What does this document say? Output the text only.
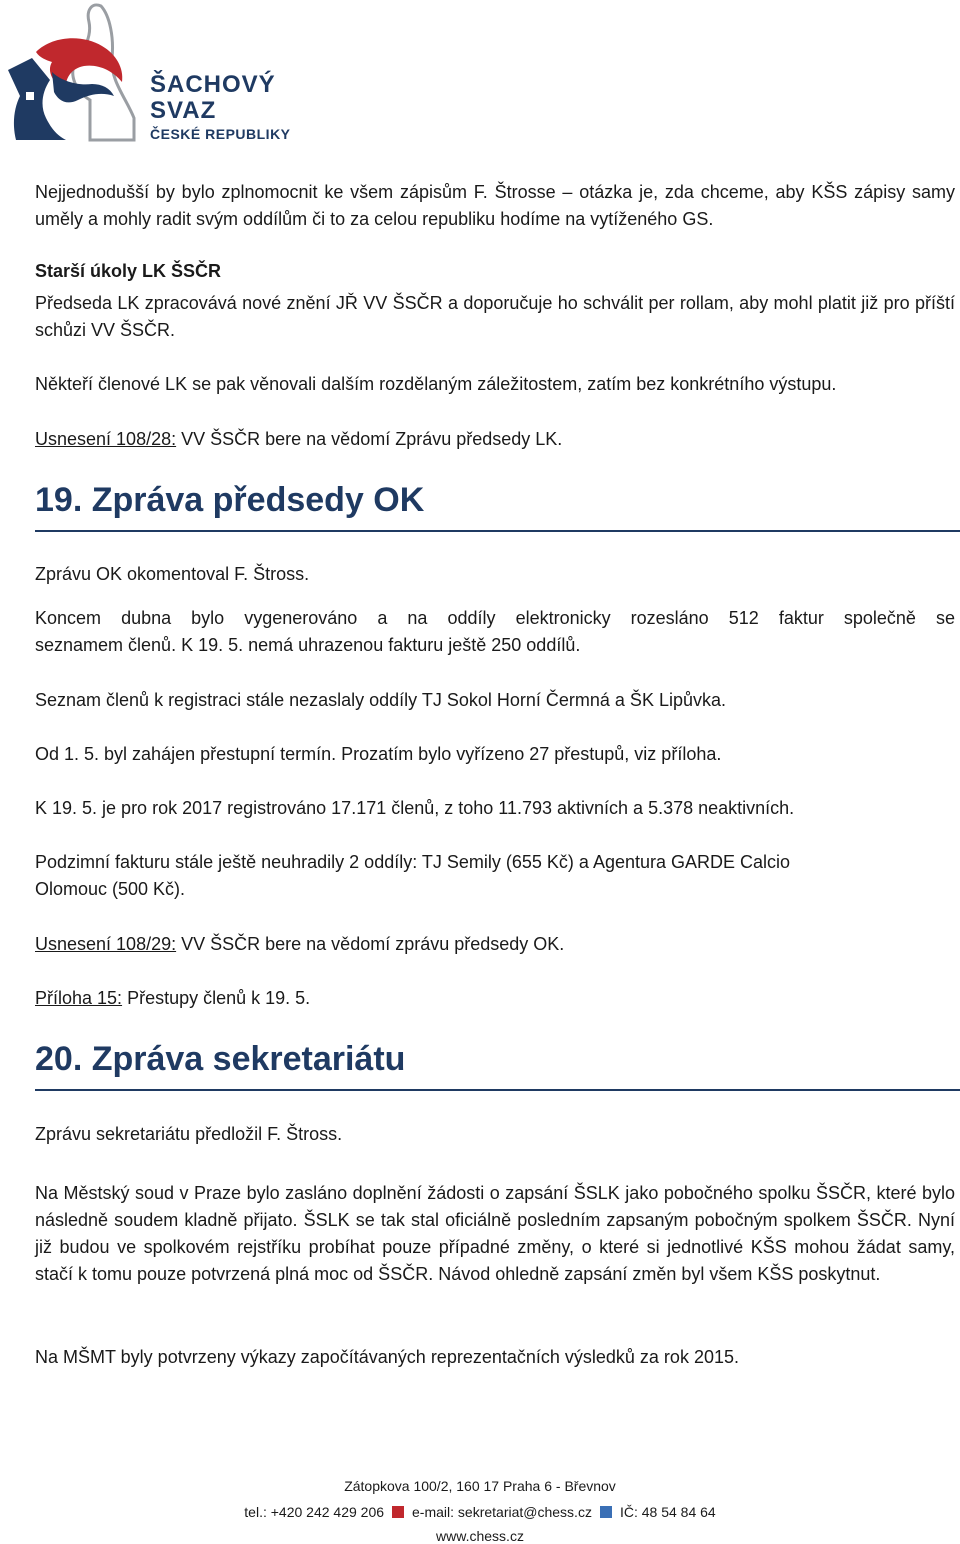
ŠACHOVÝ
SVAZ
ČESKÉ REPUBLIKY

Nejjednodušší by bylo zplnomocnit ke všem zápisům F. Štrosse – otázka je, zda chceme, aby KŠS zápisy samy uměly a mohly radit svým oddílům či to za celou republiku hodíme na vytíženého GS.

Starší úkoly LK ŠSČR

Předseda LK zpracovává nové znění JŘ VV ŠSČR a doporučuje ho schválit per rollam, aby mohl platit již pro příští schůzi VV ŠSČR.

Někteří členové LK se pak věnovali dalším rozdělaným záležitostem, zatím bez konkrétního výstupu.

Usnesení 108/28: VV ŠSČR bere na vědomí Zprávu předsedy LK.

19. Zpráva předsedy OK

Zprávu OK okomentoval F. Štross.

Koncem dubna bylo vygenerováno a na oddíly elektronicky rozesláno 512 faktur společně se

seznamem členů. K 19. 5. nemá uhrazenou fakturu ještě 250 oddílů.

Seznam členů k registraci stále nezaslaly oddíly TJ Sokol Horní Čermná a ŠK Lipůvka.

Od 1. 5. byl zahájen přestupní termín. Prozatím bylo vyřízeno 27 přestupů, viz příloha.

K 19. 5. je pro rok 2017 registrováno 17.171 členů, z toho 11.793 aktivních a 5.378 neaktivních.

Podzimní fakturu stále ještě neuhradily 2 oddíly: TJ Semily (655 Kč) a Agentura GARDE Calcio

Olomouc (500 Kč).

Usnesení 108/29: VV ŠSČR bere na vědomí zprávu předsedy OK.

Příloha 15: Přestupy členů k 19. 5.

20. Zpráva sekretariátu

Zprávu sekretariátu předložil F. Štross.

Na Městský soud v Praze bylo zasláno doplnění žádosti o zapsání ŠSLK jako pobočného spolku ŠSČR, které bylo následně soudem kladně přijato. ŠSLK se tak stal oficiálně posledním zapsaným pobočným spolkem ŠSČR. Nyní již budou ve spolkovém rejstříku probíhat pouze případné změny, o které si jednotlivé KŠS mohou žádat samy, stačí k tomu pouze potvrzená plná moc od ŠSČR. Návod ohledně zapsání změn byl všem KŠS poskytnut.

Na MŠMT byly potvrzeny výkazy započítávaných reprezentačních výsledků za rok 2015.

Zátopkova 100/2, 160 17 Praha 6 - Břevnov
tel.: +420 242 429 206 e-mail: sekretariat@chess.cz IČ: 48 54 84 64
www.chess.cz
